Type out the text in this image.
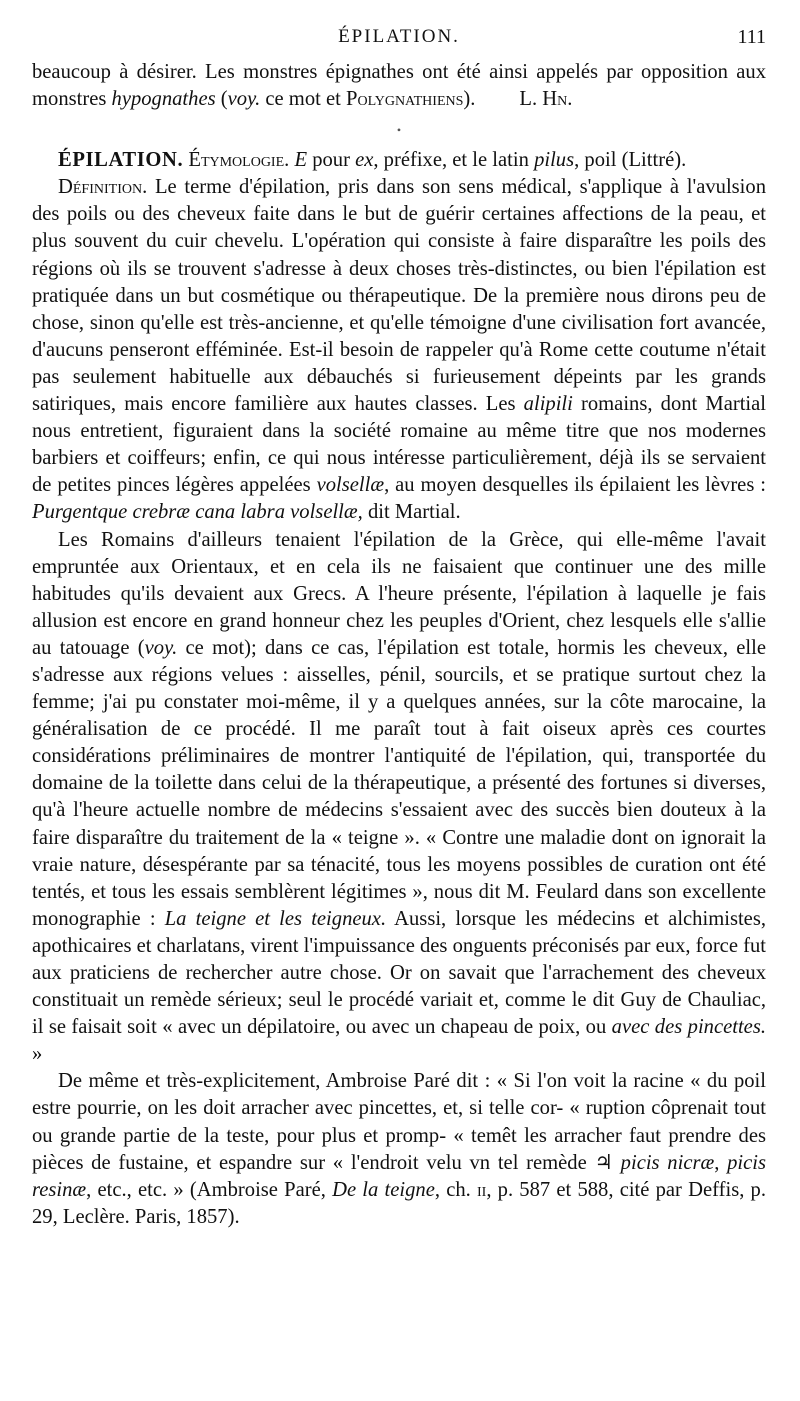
ÉPILATION.	111

beaucoup à désirer. Les monstres épignathes ont été ainsi appelés par opposition aux monstres hypognathes (voy. ce mot et Polygnathiens). L. Hn.

•

ÉPILATION. Étymologie. E pour ex, préfixe, et le latin pilus, poil (Littré).

Définition. Le terme d'épilation, pris dans son sens médical, s'applique à l'avulsion des poils ou des cheveux faite dans le but de guérir certaines affections de la peau, et plus souvent du cuir chevelu. L'opération qui consiste à faire disparaître les poils des régions où ils se trouvent s'adresse à deux choses très-distinctes, ou bien l'épilation est pratiquée dans un but cosmétique ou thérapeutique. De la première nous dirons peu de chose, sinon qu'elle est très-ancienne, et qu'elle témoigne d'une civilisation fort avancée, d'aucuns penseront efféminée. Est-il besoin de rappeler qu'à Rome cette coutume n'était pas seulement habituelle aux débauchés si furieusement dépeints par les grands satiriques, mais encore familière aux hautes classes. Les alipili romains, dont Martial nous entretient, figuraient dans la société romaine au même titre que nos modernes barbiers et coiffeurs; enfin, ce qui nous intéresse particulièrement, déjà ils se servaient de petites pinces légères appelées volsellæ, au moyen desquelles ils épilaient les lèvres : Purgentque crebræ cana labra volsellæ, dit Martial.

Les Romains d'ailleurs tenaient l'épilation de la Grèce, qui elle-même l'avait empruntée aux Orientaux, et en cela ils ne faisaient que continuer une des mille habitudes qu'ils devaient aux Grecs. A l'heure présente, l'épilation à laquelle je fais allusion est encore en grand honneur chez les peuples d'Orient, chez lesquels elle s'allie au tatouage (voy. ce mot); dans ce cas, l'épilation est totale, hormis les cheveux, elle s'adresse aux régions velues : aisselles, pénil, sourcils, et se pratique surtout chez la femme; j'ai pu constater moi-même, il y a quelques années, sur la côte marocaine, la généralisation de ce procédé. Il me paraît tout à fait oiseux après ces courtes considérations préliminaires de montrer l'antiquité de l'épilation, qui, transportée du domaine de la toilette dans celui de la thérapeutique, a présenté des fortunes si diverses, qu'à l'heure actuelle nombre de médecins s'essaient avec des succès bien douteux à la faire disparaître du traitement de la « teigne ». « Contre une maladie dont on ignorait la vraie nature, désespérante par sa ténacité, tous les moyens possibles de curation ont été tentés, et tous les essais semblèrent légitimes », nous dit M. Feulard dans son excellente monographie : La teigne et les teigneux. Aussi, lorsque les médecins et alchimistes, apothicaires et charlatans, virent l'impuissance des onguents préconisés par eux, force fut aux praticiens de rechercher autre chose. Or on savait que l'arrachement des cheveux constituait un remède sérieux; seul le procédé variait et, comme le dit Guy de Chauliac, il se faisait soit « avec un dépilatoire, ou avec un chapeau de poix, ou avec des pincettes. »

De même et très-explicitement, Ambroise Paré dit : « Si l'on voit la racine « du poil estre pourrie, on les doit arracher avec pincettes, et, si telle cor- « ruption côprenait tout ou grande partie de la teste, pour plus et promp- « temêt les arracher faut prendre des pièces de fustaine, et espandre sur « l'endroit velu vn tel remède ♃ picis nicræ, picis resinæ, etc., etc. » (Ambroise Paré, De la teigne, ch. ii, p. 587 et 588, cité par Deffis, p. 29, Leclère. Paris, 1857).
